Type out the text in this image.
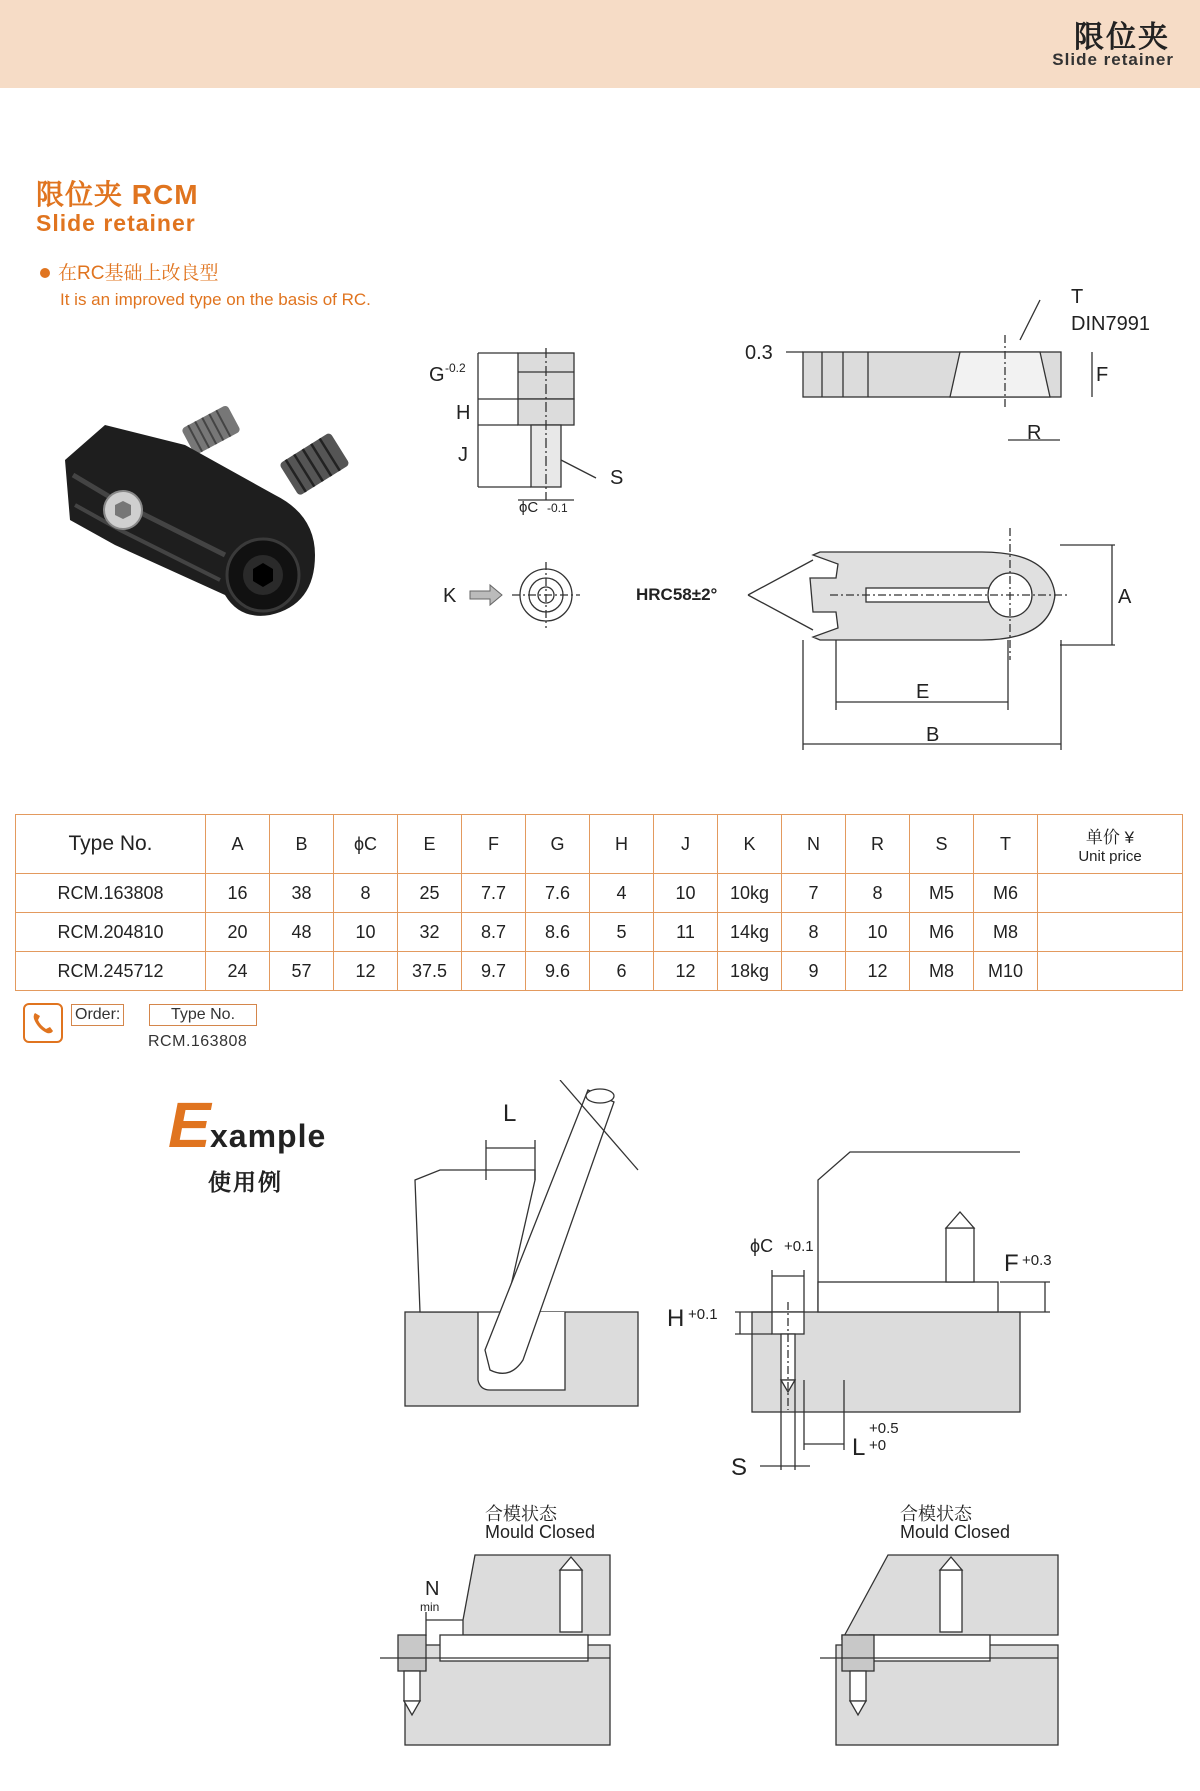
限位夹
Slide retainer
限位夹 RCM
Slide retainer
在RC基础上改良型
It is an improved type on the basis of RC.
G -0.2
H
J
S
ϕC -0.1
K
T
DIN7991
0.3
F
R
HRC58±2°	A
E
B
Type No.	A	B	ϕC	E	F	G	H	J	K	N	R	S	T	单价 ¥
Unit price

RCM.163808	16	38	8	25	7.7	7.6	4	10	10kg	7	8	M5	M6	
RCM.204810	20	48	10	32	8.7	8.6	5	11	14kg	8	10	M6	M8	
RCM.245712	24	57	12	37.5	9.7	9.6	6	12	18kg	9	12	M8	M10	
Order:	Type No.
RCM.163808
E xample
使用例
L
ϕC +0.1
F +0.3
H +0.1
S
L
+0.5
+0
N
min
合模状态
Mould Closed
合模状态
Mould Closed
